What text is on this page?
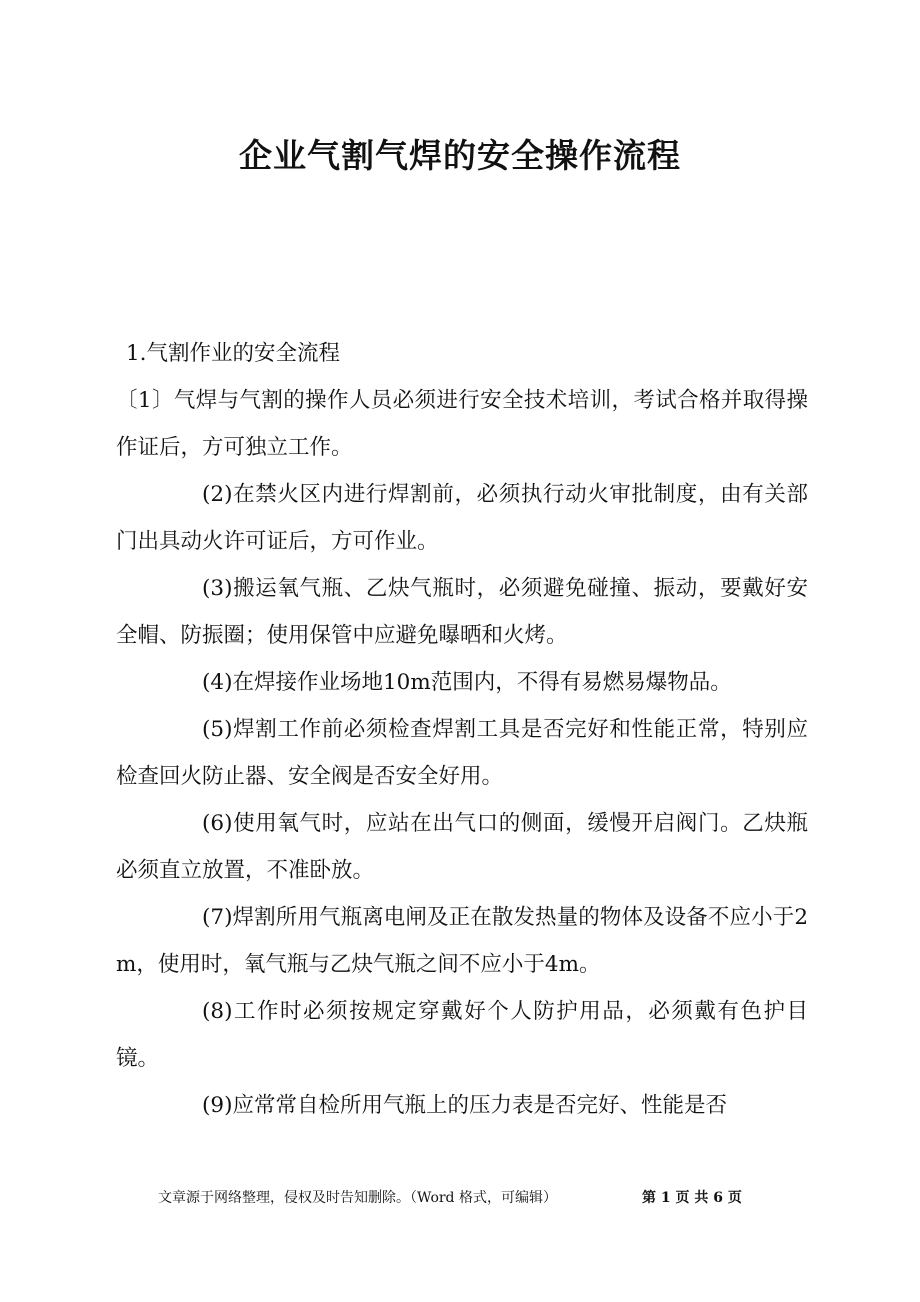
企业气割气焊的安全操作流程

1.气割作业的安全流程

〔1〕气焊与气割的操作人员必须进行安全技术培训，考试合格并取得操作证后，方可独立工作。

(2)在禁火区内进行焊割前，必须执行动火审批制度，由有关部门出具动火许可证后，方可作业。

(3)搬运氧气瓶、乙炔气瓶时，必须避免碰撞、振动，要戴好安全帽、防振圈；使用保管中应避免曝晒和火烤。

(4)在焊接作业场地10m范围内，不得有易燃易爆物品。

(5)焊割工作前必须检查焊割工具是否完好和性能正常，特别应检查回火防止器、安全阀是否安全好用。

(6)使用氧气时，应站在出气口的侧面，缓慢开启阀门。乙炔瓶必须直立放置，不准卧放。

(7)焊割所用气瓶离电闸及正在散发热量的物体及设备不应小于2m，使用时，氧气瓶与乙炔气瓶之间不应小于4m。

(8)工作时必须按规定穿戴好个人防护用品，必须戴有色护目镜。

(9)应常常自检所用气瓶上的压力表是否完好、性能是否

文章源于网络整理，侵权及时告知删除。（Word 格式，可编辑）	第 1 页 共 6 页
